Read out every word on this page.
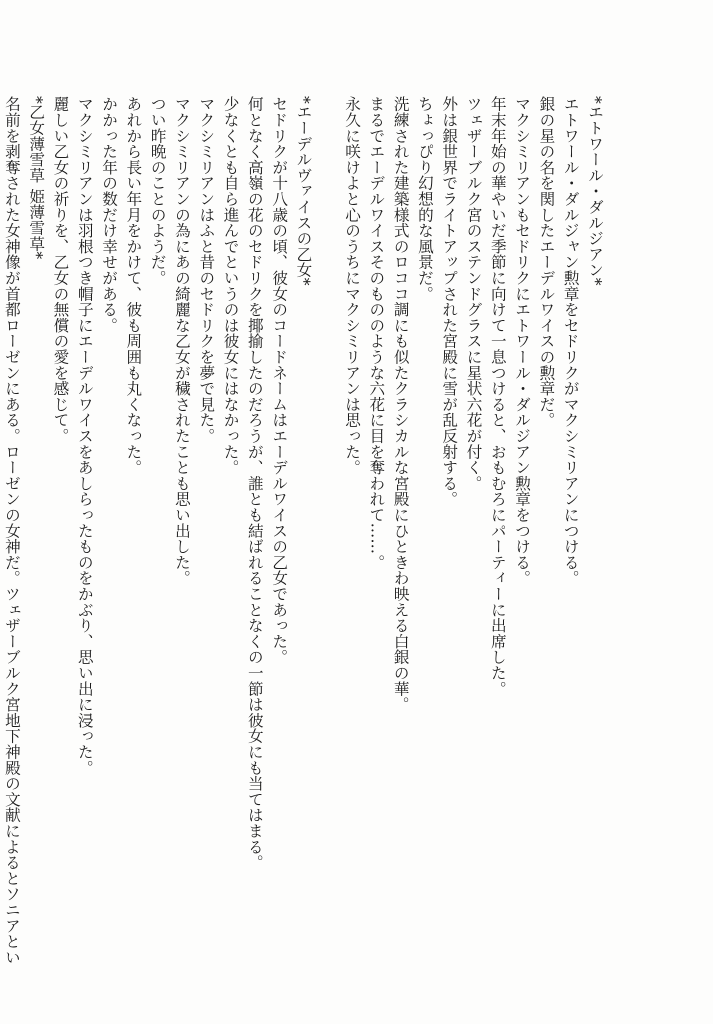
*エトワール・ダルジアン*
エトワール・ダルジャン勲章をセドリクがマクシミリアンにつける。
銀の星の名を関したエーデルワイスの勲章だ。
マクシミリアンもセドリクにエトワール・ダルジアン勲章をつける。
年末年始の華やいだ季節に向けて一息つけると、おもむろにパーティーに出席した。
ツェザーブルク宮のステンドグラスに星状六花が付く。
外は銀世界でライトアップされた宮殿に雪が乱反射する。
ちょっぴり幻想的な風景だ。
洗練された建築様式のロココ調にも似たクラシカルな宮殿にひときわ映える白銀の華。
まるでエーデルワイスそのもののような六花に目を奪われて……。
永久に咲けよと心のうちにマクシミリアンは思った。
*エーデルヴァイスの乙女*
セドリクが十八歳の頃、彼女のコードネームはエーデルワイスの乙女であった。
何となく高嶺の花のセドリクを揶揄したのだろうが、誰とも結ばれることなくの一節は彼女にも当てはまる。
少なくとも自ら進んでというのは彼女にはなかった。
マクシミリアンはふと昔のセドリクを夢で見た。
マクシミリアンの為にあの綺麗な乙女が穢されたことも思い出した。
つい昨晩のことのようだ。
あれから長い年月をかけて、彼も周囲も丸くなった。
かかった年の数だけ幸せがある。
マクシミリアンは羽根つき帽子にエーデルワイスをあしらったものをかぶり、思い出に浸った。
麗しい乙女の祈りを、乙女の無償の愛を感じて。
*乙女薄雪草 姫薄雪草*
名前を剥奪された女神像が首都ローゼンにある。ローゼンの女神だ。ツェザーブルク宮地下神殿の文献によるとソニアとい
